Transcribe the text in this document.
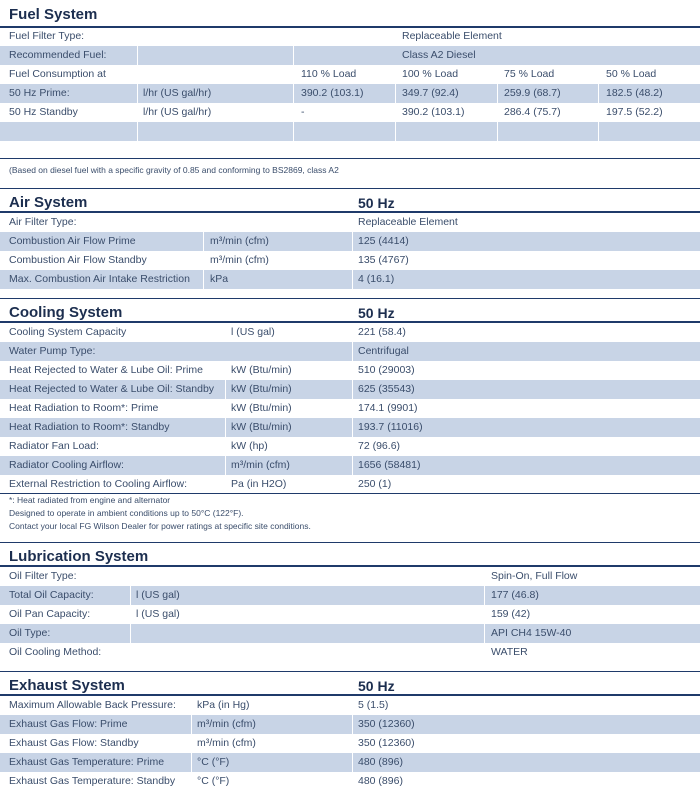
Fuel System
Fuel Filter Type:	Replaceable Element
Recommended Fuel:	Class A2 Diesel
Fuel Consumption at	110 % Load	100 % Load	75 % Load	50 % Load
50 Hz Prime:	l/hr (US gal/hr)	390.2 (103.1)	349.7 (92.4)	259.9 (68.7)	182.5 (48.2)
50 Hz Standby	l/hr (US gal/hr)	-	390.2 (103.1)	286.4 (75.7)	197.5 (52.2)
(Based on diesel fuel with a specific gravity of 0.85 and conforming to BS2869, class A2
Air System	50 Hz
Air Filter Type:	Replaceable Element
Combustion Air Flow Prime	m³/min (cfm)	125 (4414)
Combustion Air Flow Standby	m³/min (cfm)	135 (4767)
Max. Combustion Air Intake Restriction kPa	4 (16.1)
Cooling System	50 Hz
Cooling System Capacity	l (US gal)	221 (58.4)
Water Pump Type:	Centrifugal
Heat Rejected to Water & Lube Oil: Prime	kW (Btu/min)	510 (29003)
Heat Rejected to Water & Lube Oil: Standby kW (Btu/min)	625 (35543)
Heat Radiation to Room*: Prime	kW (Btu/min)	174.1 (9901)
Heat Radiation to Room*: Standby	kW (Btu/min)	193.7 (11016)
Radiator Fan Load:	kW (hp)	72 (96.6)
Radiator Cooling Airflow:	m³/min (cfm)	1656 (58481)
External Restriction to Cooling Airflow:	Pa (in H2O)	250 (1)
*: Heat radiated from engine and alternator
Designed to operate in ambient conditions up to 50°C (122°F).
Contact your local FG Wilson Dealer for power ratings at specific site conditions.
Lubrication System
Oil Filter Type:	Spin-On, Full Flow
Total Oil Capacity:	l (US gal)	177 (46.8)
Oil Pan Capacity:	l (US gal)	159 (42)
Oil Type:	API CH4 15W-40
Oil Cooling Method:	WATER
Exhaust System	50 Hz
Maximum Allowable Back Pressure: kPa (in Hg)	5 (1.5)
Exhaust Gas Flow: Prime	m³/min (cfm)	350 (12360)
Exhaust Gas Flow: Standby	m³/min (cfm)	350 (12360)
Exhaust Gas Temperature: Prime	°C (°F)	480 (896)
Exhaust Gas Temperature: Standby °C (°F)	480 (896)
